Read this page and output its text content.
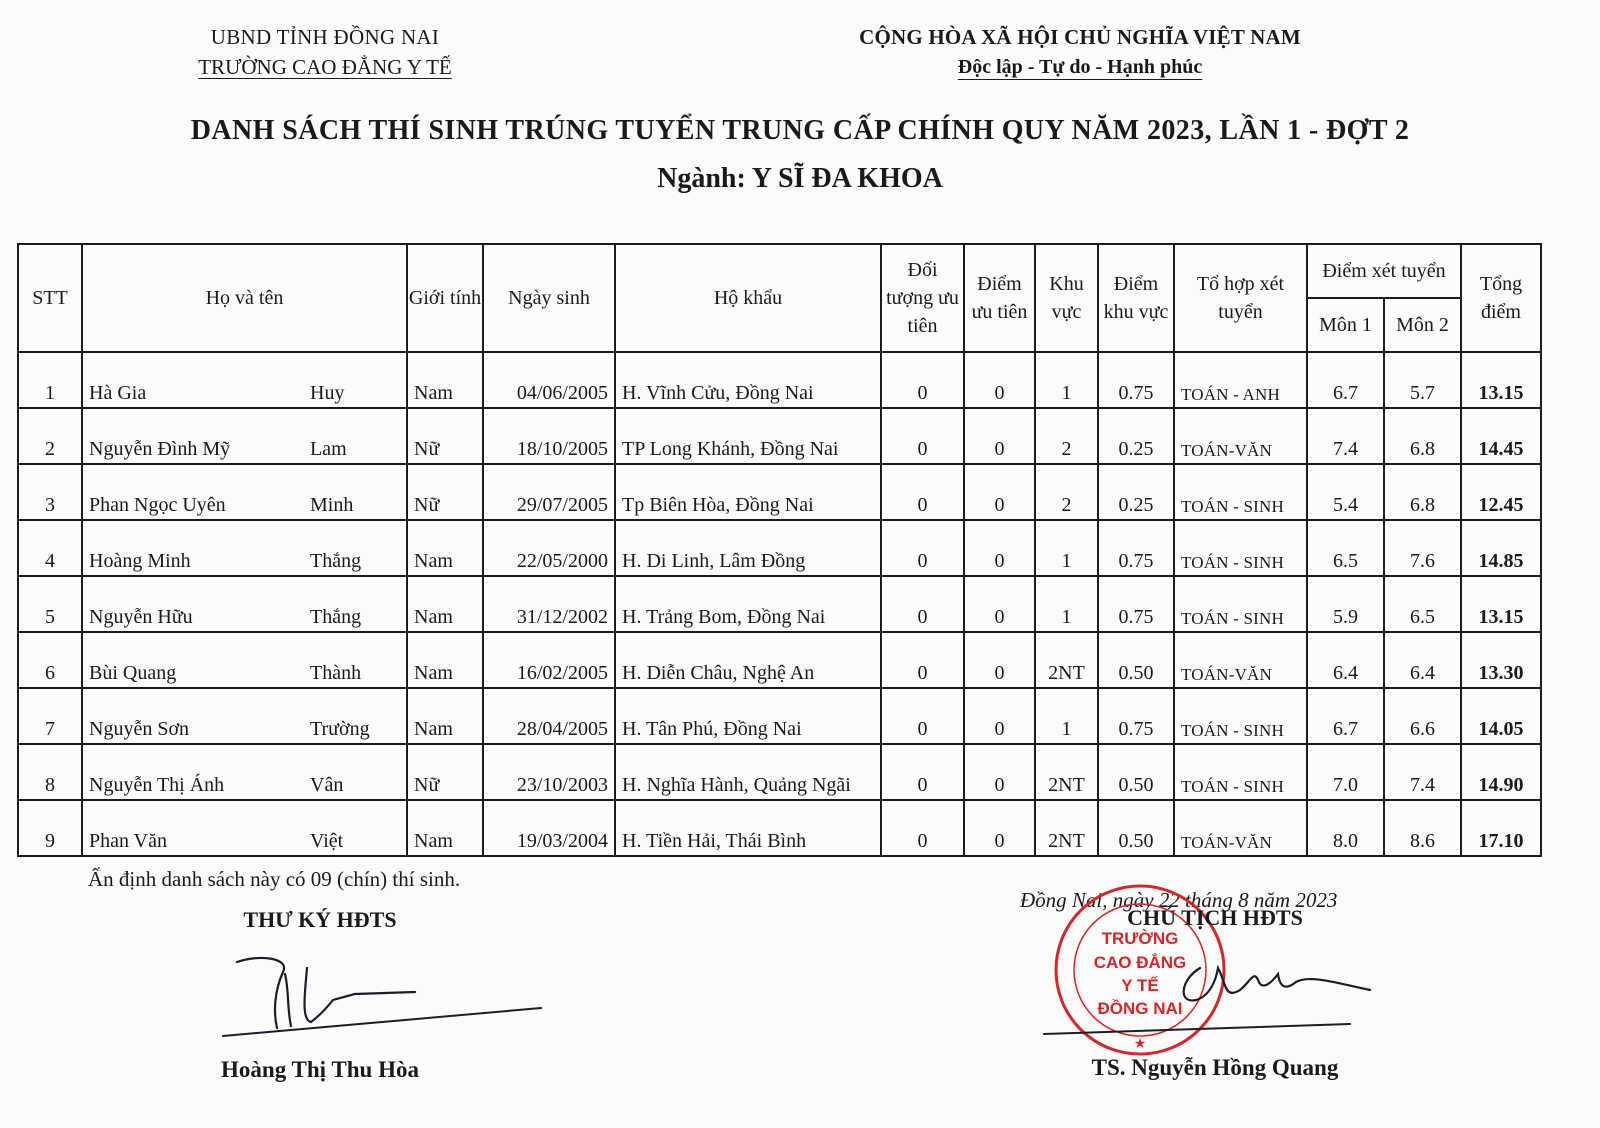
UBND TỈNH ĐỒNG NAI
TRƯỜNG CAO ĐẲNG Y TẾ
CỘNG HÒA XÃ HỘI CHỦ NGHĨA VIỆT NAM
Độc lập - Tự do - Hạnh phúc
DANH SÁCH THÍ SINH TRÚNG TUYỂN TRUNG CẤP CHÍNH QUY NĂM 2023, LẦN 1 - ĐỢT 2
Ngành: Y SĨ ĐA KHOA
STT	Họ và tên	Giới tính	Ngày sinh	Hộ khẩu	Đối tượng ưu tiên	Điểm ưu tiên	Khu vực	Điểm khu vực	Tổ hợp xét tuyển	Điểm xét tuyển		Tổng điểm
										Môn 1	Môn 2	
1	Hà Gia Huy	Nam	04/06/2005	H. Vĩnh Cửu, Đồng Nai	0	0	1	0.75	TOÁN - ANH	6.7	5.7	13.15
2	Nguyễn Đình Mỹ Lam	Nữ	18/10/2005	TP Long Khánh, Đồng Nai	0	0	2	0.25	TOÁN-VĂN	7.4	6.8	14.45
3	Phan Ngọc Uyên Minh	Nữ	29/07/2005	Tp Biên Hòa, Đồng Nai	0	0	2	0.25	TOÁN - SINH	5.4	6.8	12.45
4	Hoàng Minh Thắng	Nam	22/05/2000	H. Di Linh, Lâm Đồng	0	0	1	0.75	TOÁN - SINH	6.5	7.6	14.85
5	Nguyễn Hữu Thắng	Nam	31/12/2002	H. Trảng Bom, Đồng Nai	0	0	1	0.75	TOÁN - SINH	5.9	6.5	13.15
6	Bùi Quang Thành	Nam	16/02/2005	H. Diễn Châu, Nghệ An	0	0	2NT	0.50	TOÁN-VĂN	6.4	6.4	13.30
7	Nguyễn Sơn Trường	Nam	28/04/2005	H. Tân Phú, Đồng Nai	0	0	1	0.75	TOÁN - SINH	6.7	6.6	14.05
8	Nguyễn Thị Ánh Vân	Nữ	23/10/2003	H. Nghĩa Hành, Quảng Ngãi	0	0	2NT	0.50	TOÁN - SINH	7.0	7.4	14.90
9	Phan Văn Việt	Nam	19/03/2004	H. Tiền Hải, Thái Bình	0	0	2NT	0.50	TOÁN-VĂN	8.0	8.6	17.10
Ấn định danh sách này có 09 (chín) thí sinh.
Đồng Nai, ngày 22 tháng 8 năm 2023
THƯ KÝ HĐTS
TRƯỜNG
CAO ĐẲNG
Y TẾ
ĐỒNG NAI
★
CHỦ TỊCH HĐTS
Hoàng Thị Thu Hòa	TS. Nguyễn Hồng Quang
